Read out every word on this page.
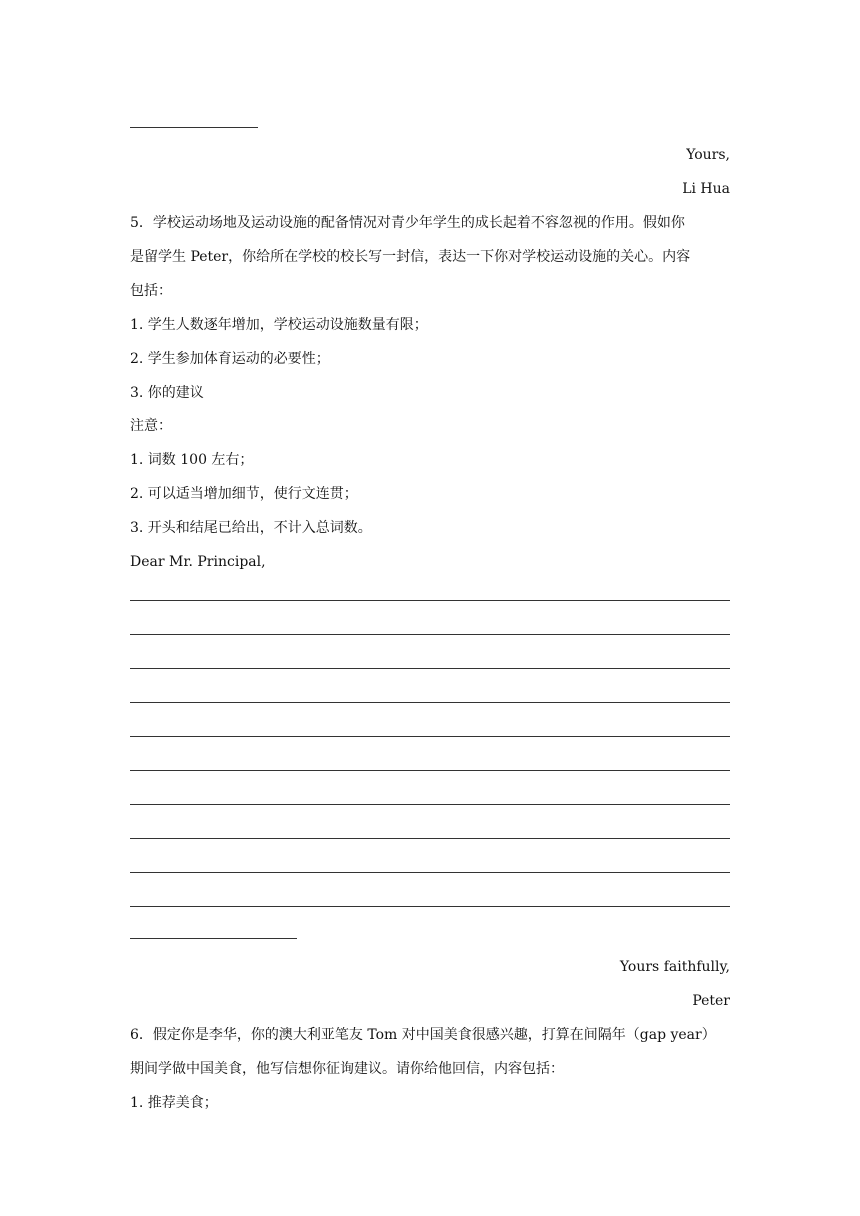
Yours,
Li Hua
5．学校运动场地及运动设施的配备情况对青少年学生的成长起着不容忽视的作用。假如你
是留学生 Peter，你给所在学校的校长写一封信，表达一下你对学校运动设施的关心。内容
包括：
1. 学生人数逐年增加，学校运动设施数量有限；
2. 学生参加体育运动的必要性；
3. 你的建议
注意：
1. 词数 100 左右；
2. 可以适当增加细节，使行文连贯；
3. 开头和结尾已给出，不计入总词数。
Dear Mr. Principal,
Yours faithfully,
Peter
6．假定你是李华，你的澳大利亚笔友 Tom 对中国美食很感兴趣，打算在间隔年（gap year）
期间学做中国美食，他写信想你征询建议。请你给他回信，内容包括：
1. 推荐美食；
